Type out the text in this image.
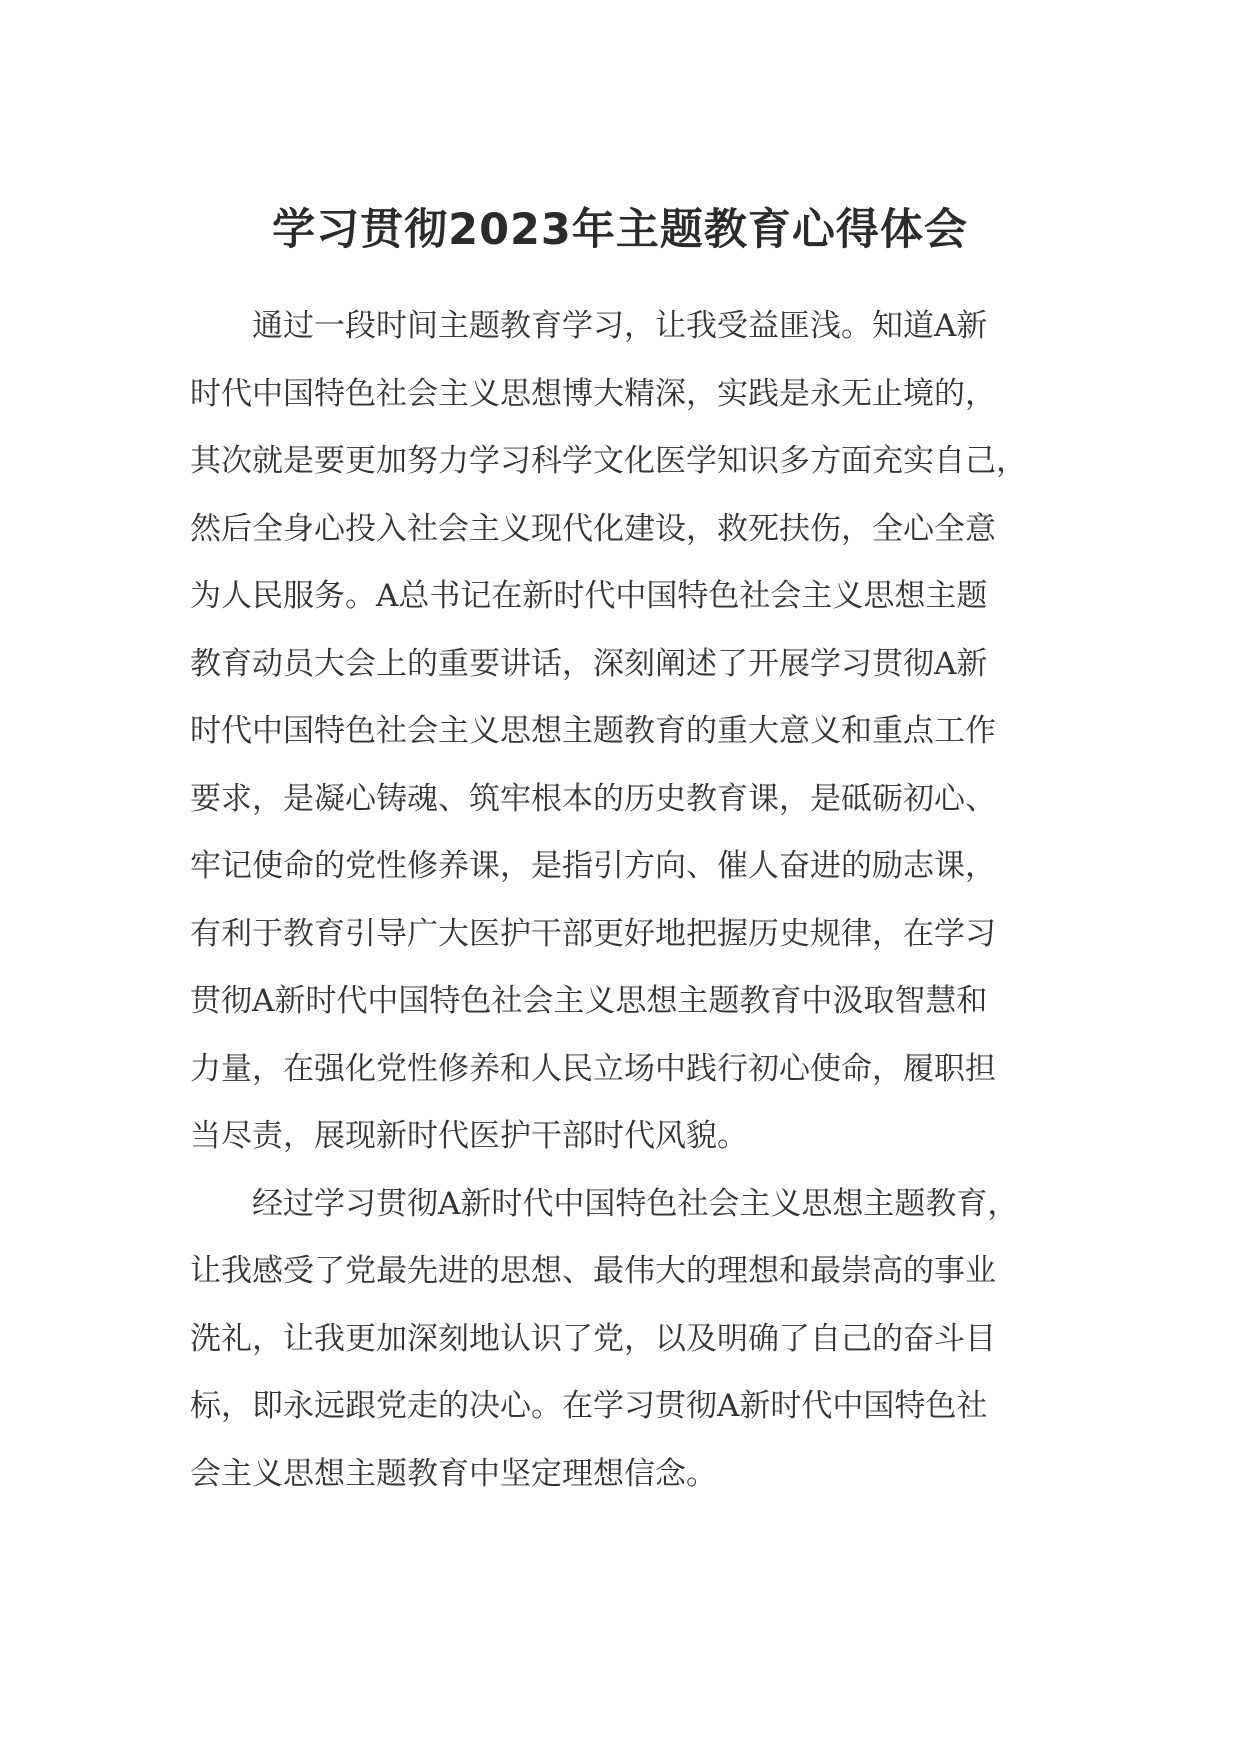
学习贯彻2023年主题教育心得体会

通过一段时间主题教育学习，让我受益匪浅。知道A新
时代中国特色社会主义思想博大精深，实践是永无止境的，
其次就是要更加努力学习科学文化医学知识多方面充实自己，
然后全身心投入社会主义现代化建设，救死扶伤，全心全意
为人民服务。A总书记在新时代中国特色社会主义思想主题
教育动员大会上的重要讲话，深刻阐述了开展学习贯彻A新
时代中国特色社会主义思想主题教育的重大意义和重点工作
要求，是凝心铸魂、筑牢根本的历史教育课，是砥砺初心、
牢记使命的党性修养课，是指引方向、催人奋进的励志课，
有利于教育引导广大医护干部更好地把握历史规律，在学习
贯彻A新时代中国特色社会主义思想主题教育中汲取智慧和
力量，在强化党性修养和人民立场中践行初心使命，履职担
当尽责，展现新时代医护干部时代风貌。

经过学习贯彻A新时代中国特色社会主义思想主题教育，
让我感受了党最先进的思想、最伟大的理想和最崇高的事业
洗礼，让我更加深刻地认识了党，以及明确了自己的奋斗目
标，即永远跟党走的决心。在学习贯彻A新时代中国特色社
会主义思想主题教育中坚定理想信念。
